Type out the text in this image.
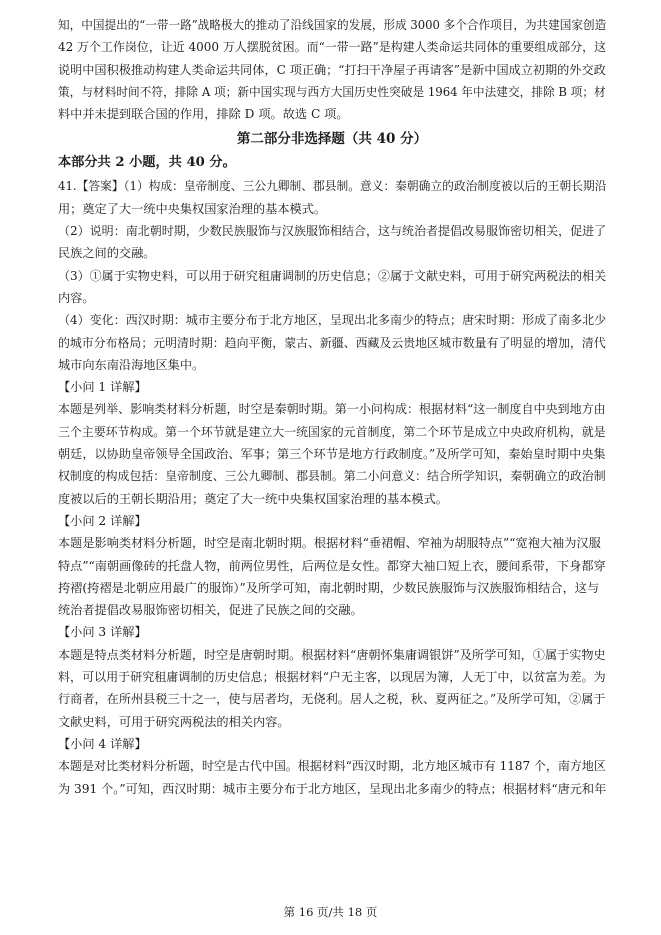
知，中国提出的“一带一路”战略极大的推动了沿线国家的发展，形成 3000 多个合作项目，为共建国家创造
42 万个工作岗位，让近 4000 万人摆脱贫困。而“一带一路”是构建人类命运共同体的重要组成部分，这
说明中国积极推动构建人类命运共同体，C 项正确；“打扫干净屋子再请客”是新中国成立初期的外交政
策，与材料时间不符，排除 A 项；新中国实现与西方大国历史性突破是 1964 年中法建交，排除 B 项；材
料中并未提到联合国的作用，排除 D 项。故选 C 项。
第二部分非选择题（共 40 分）
本部分共 2 小题，共 40 分。
41.【答案】（1）构成：皇帝制度、三公九卿制、郡县制。意义：秦朝确立的政治制度被以后的王朝长期沿
用；奠定了大一统中央集权国家治理的基本模式。
（2）说明：南北朝时期，少数民族服饰与汉族服饰相结合，这与统治者提倡改易服饰密切相关，促进了
民族之间的交融。
（3）①属于实物史料，可以用于研究租庸调制的历史信息；②属于文献史料，可用于研究两税法的相关
内容。
（4）变化：西汉时期：城市主要分布于北方地区，呈现出北多南少的特点；唐宋时期：形成了南多北少
的城市分布格局；元明清时期：趋向平衡，蒙古、新疆、西藏及云贵地区城市数量有了明显的增加，清代
城市向东南沿海地区集中。
【小问 1 详解】
本题是列举、影响类材料分析题，时空是秦朝时期。第一小问构成：根据材料“这一制度自中央到地方由
三个主要环节构成。第一个环节就是建立大一统国家的元首制度，第二个环节是成立中央政府机构，就是
朝廷，以协助皇帝领导全国政治、军事；第三个环节是地方行政制度。”及所学可知，秦始皇时期中央集
权制度的构成包括：皇帝制度、三公九卿制、郡县制。第二小问意义：结合所学知识，秦朝确立的政治制
度被以后的王朝长期沿用；奠定了大一统中央集权国家治理的基本模式。
【小问 2 详解】
本题是影响类材料分析题，时空是南北朝时期。根据材料“垂裙帽、窄袖为胡服特点”“宽袍大袖为汉服
特点”“南朝画像砖的托盘人物，前两位男性，后两位是女性。都穿大袖口短上衣，腰间系带，下身都穿
挎褶(挎褶是北朝应用最广的服饰）”及所学可知，南北朝时期，少数民族服饰与汉族服饰相结合，这与
统治者提倡改易服饰密切相关，促进了民族之间的交融。
【小问 3 详解】
本题是特点类材料分析题，时空是唐朝时期。根据材料“唐朝怀集庸调银饼”及所学可知，①属于实物史
料，可以用于研究租庸调制的历史信息；根据材料“户无主客，以现居为簿，人无丁中，以贫富为差。为
行商者，在所州县税三十之一，使与居者均，无侥利。居人之税，秋、夏两征之。”及所学可知，②属于
文献史料，可用于研究两税法的相关内容。
【小问 4 详解】
本题是对比类材料分析题，时空是古代中国。根据材料“西汉时期，北方地区城市有 1187 个，南方地区
为 391 个。”可知，西汉时期：城市主要分布于北方地区，呈现出北多南少的特点；根据材料“唐元和年
第 16 页/共 18 页
